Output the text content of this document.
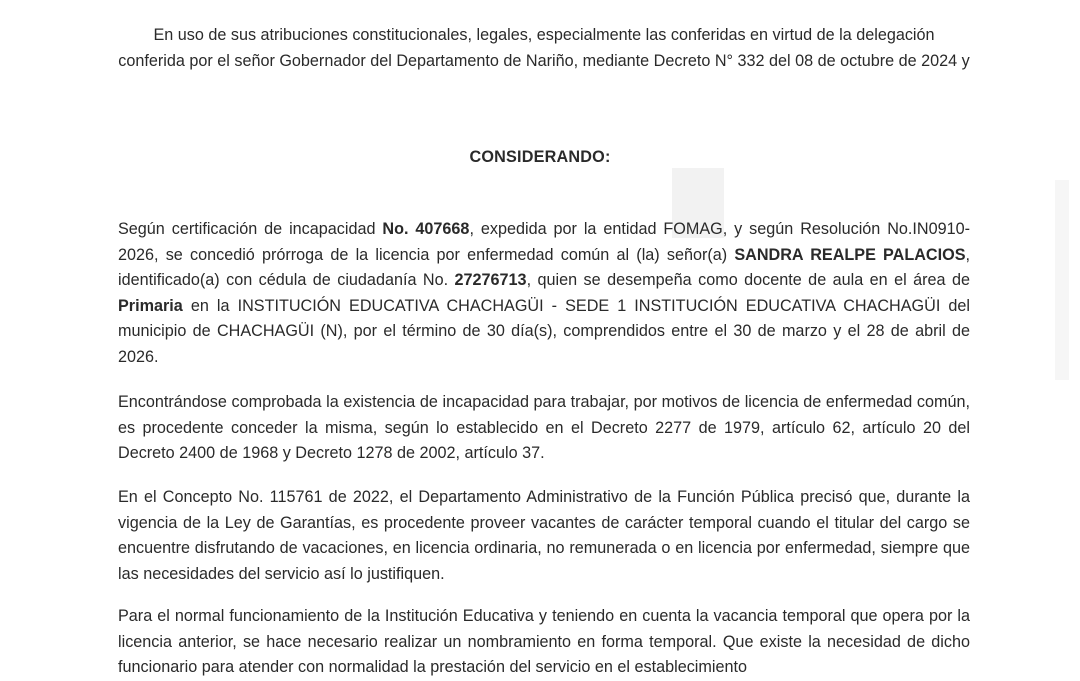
En uso de sus atribuciones constitucionales, legales, especialmente las conferidas en virtud de la delegación conferida por el señor Gobernador del Departamento de Nariño, mediante Decreto N° 332 del 08 de octubre de 2024 y

CONSIDERANDO:

Según certificación de incapacidad No. 407668, expedida por la entidad FOMAG, y según Resolución No.IN0910-2026, se concedió prórroga de la licencia por enfermedad común al (la) señor(a) SANDRA REALPE PALACIOS, identificado(a) con cédula de ciudadanía No. 27276713, quien se desempeña como docente de aula en el área de Primaria en la INSTITUCIÓN EDUCATIVA CHACHAGÜI - SEDE 1 INSTITUCIÓN EDUCATIVA CHACHAGÜI del municipio de CHACHAGÜI (N), por el término de 30 día(s), comprendidos entre el 30 de marzo y el 28 de abril de 2026.

Encontrándose comprobada la existencia de incapacidad para trabajar, por motivos de licencia de enfermedad común, es procedente conceder la misma, según lo establecido en el Decreto 2277 de 1979, artículo 62, artículo 20 del Decreto 2400 de 1968 y Decreto 1278 de 2002, artículo 37.

En el Concepto No. 115761 de 2022, el Departamento Administrativo de la Función Pública precisó que, durante la vigencia de la Ley de Garantías, es procedente proveer vacantes de carácter temporal cuando el titular del cargo se encuentre disfrutando de vacaciones, en licencia ordinaria, no remunerada o en licencia por enfermedad, siempre que las necesidades del servicio así lo justifiquen.

Para el normal funcionamiento de la Institución Educativa y teniendo en cuenta la vacancia temporal que opera por la licencia anterior, se hace necesario realizar un nombramiento en forma temporal. Que existe la necesidad de dicho funcionario para atender con normalidad la prestación del servicio en el establecimiento
